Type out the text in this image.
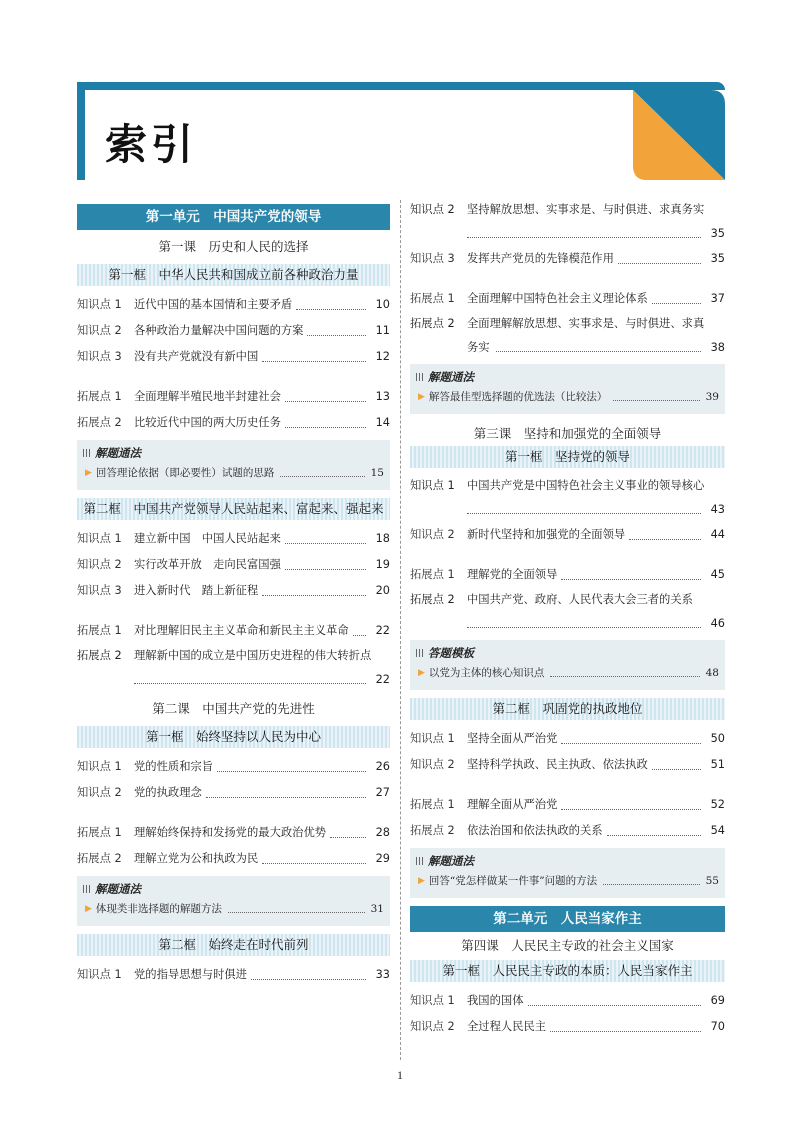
索引
第一单元　中国共产党的领导
第一课　历史和人民的选择
第一框　中华人民共和国成立前各种政治力量
知识点 1	近代中国的基本国情和主要矛盾	10
知识点 2	各种政治力量解决中国问题的方案	11
知识点 3	没有共产党就没有新中国	12
拓展点 1	全面理解半殖民地半封建社会	13
拓展点 2	比较近代中国的两大历史任务	14
解题通法
▶ 回答理论依据（即必要性）试题的思路	15
第二框　中国共产党领导人民站起来、富起来、强起来
知识点 1	建立新中国　中国人民站起来	18
知识点 2	实行改革开放　走向民富国强	19
知识点 3	进入新时代　踏上新征程	20
拓展点 1	对比理解旧民主主义革命和新民主主义革命	22
拓展点 2	理解新中国的成立是中国历史进程的伟大转折点
22
第二课　中国共产党的先进性
第一框　始终坚持以人民为中心
知识点 1	党的性质和宗旨	26
知识点 2	党的执政理念	27
拓展点 1	理解始终保持和发扬党的最大政治优势	28
拓展点 2	理解立党为公和执政为民	29
解题通法
▶ 体现类非选择题的解题方法	31
第二框　始终走在时代前列
知识点 1	党的指导思想与时俱进	33
知识点 2	坚持解放思想、实事求是、与时俱进、求真务实
35
知识点 3	发挥共产党员的先锋模范作用	35
拓展点 1	全面理解中国特色社会主义理论体系	37
拓展点 2	全面理解解放思想、实事求是、与时俱进、求真
务实	38
解题通法
▶ 解答最佳型选择题的优选法（比较法）	39
第三课　坚持和加强党的全面领导
第一框　坚持党的领导
知识点 1	中国共产党是中国特色社会主义事业的领导核心
43
知识点 2	新时代坚持和加强党的全面领导	44
拓展点 1	理解党的全面领导	45
拓展点 2	中国共产党、政府、人民代表大会三者的关系
46
答题模板
▶ 以党为主体的核心知识点	48
第二框　巩固党的执政地位
知识点 1	坚持全面从严治党	50
知识点 2	坚持科学执政、民主执政、依法执政	51
拓展点 1	理解全面从严治党	52
拓展点 2	依法治国和依法执政的关系	54
解题通法
▶ 回答“党怎样做某一件事”问题的方法	55
第二单元　人民当家作主
第四课　人民民主专政的社会主义国家
第一框　人民民主专政的本质：人民当家作主
知识点 1	我国的国体	69
知识点 2	全过程人民民主	70
1
